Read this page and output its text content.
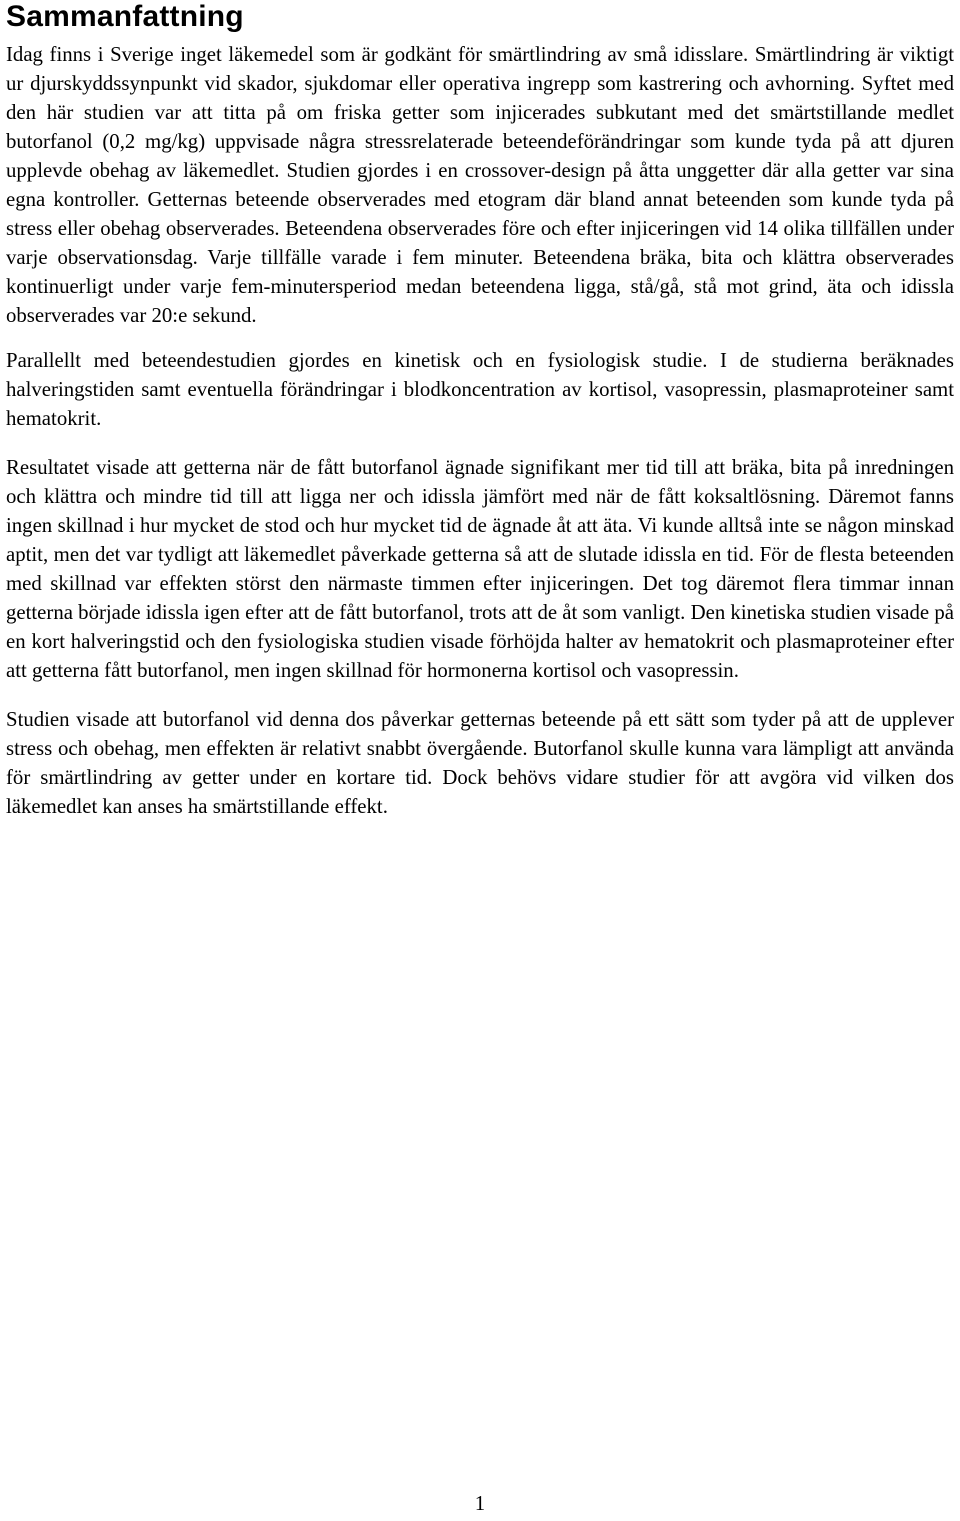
Sammanfattning

Idag finns i Sverige inget läkemedel som är godkänt för smärtlindring av små idisslare. Smärtlindring är viktigt ur djurskyddssynpunkt vid skador, sjukdomar eller operativa ingrepp som kastrering och avhorning. Syftet med den här studien var att titta på om friska getter som injicerades subkutant med det smärtstillande medlet butorfanol (0,2 mg/kg) uppvisade några stressrelaterade beteendeförändringar som kunde tyda på att djuren upplevde obehag av läkemedlet. Studien gjordes i en crossover-design på åtta unggetter där alla getter var sina egna kontroller. Getternas beteende observerades med etogram där bland annat beteenden som kunde tyda på stress eller obehag observerades. Beteendena observerades före och efter injiceringen vid 14 olika tillfällen under varje observationsdag. Varje tillfälle varade i fem minuter. Beteendena bräka, bita och klättra observerades kontinuerligt under varje fem-minutersperiod medan beteendena ligga, stå/gå, stå mot grind, äta och idissla observerades var 20:e sekund.

Parallellt med beteendestudien gjordes en kinetisk och en fysiologisk studie. I de studierna beräknades halveringstiden samt eventuella förändringar i blodkoncentration av kortisol, vasopressin, plasmaproteiner samt hematokrit.

Resultatet visade att getterna när de fått butorfanol ägnade signifikant mer tid till att bräka, bita på inredningen och klättra och mindre tid till att ligga ner och idissla jämfört med när de fått koksaltlösning. Däremot fanns ingen skillnad i hur mycket de stod och hur mycket tid de ägnade åt att äta. Vi kunde alltså inte se någon minskad aptit, men det var tydligt att läkemedlet påverkade getterna så att de slutade idissla en tid. För de flesta beteenden med skillnad var effekten störst den närmaste timmen efter injiceringen. Det tog däremot flera timmar innan getterna började idissla igen efter att de fått butorfanol, trots att de åt som vanligt. Den kinetiska studien visade på en kort halveringstid och den fysiologiska studien visade förhöjda halter av hematokrit och plasmaproteiner efter att getterna fått butorfanol, men ingen skillnad för hormonerna kortisol och vasopressin.

Studien visade att butorfanol vid denna dos påverkar getternas beteende på ett sätt som tyder på att de upplever stress och obehag, men effekten är relativt snabbt övergående. Butorfanol skulle kunna vara lämpligt att använda för smärtlindring av getter under en kortare tid. Dock behövs vidare studier för att avgöra vid vilken dos läkemedlet kan anses ha smärtstillande effekt.

1
